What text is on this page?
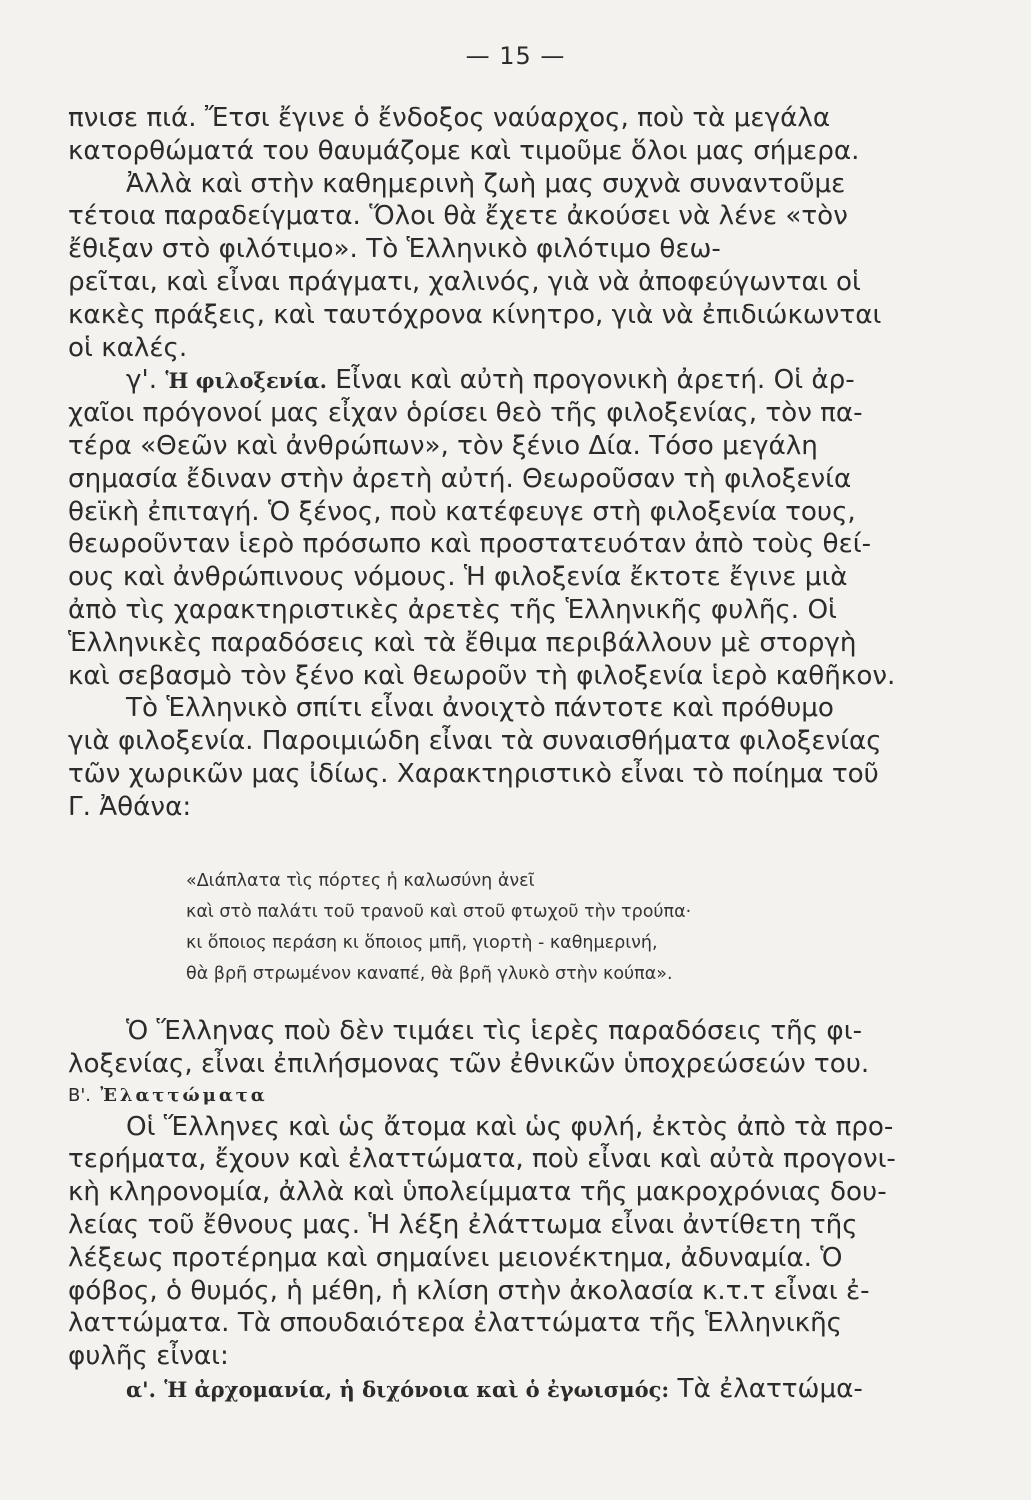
— 15 —
πνισε πιά. Ἔτσι ἔγινε ὁ ἔνδοξος ναύαρχος, ποὺ τὰ μεγάλα
κατορθώματά του θαυμάζομε καὶ τιμοῦμε ὅλοι μας σήμερα.
Ἀλλὰ καὶ στὴν καθημερινὴ ζωὴ μας συχνὰ συναντοῦμε
τέτοια παραδείγματα. Ὅλοι θὰ ἔχετε ἀκούσει νὰ λένε «τὸν
ἔθιξαν στὸ φιλότιμο». Τὸ Ἑλληνικὸ φιλότιμο θεω-
ρεῖται, καὶ εἶναι πράγματι, χαλινός, γιὰ νὰ ἀποφεύγωνται οἱ
κακὲς πράξεις, καὶ ταυτόχρονα κίνητρο, γιὰ νὰ ἐπιδιώκωνται
οἱ καλές.
γ'. Ἡ φιλοξενία. Εἶναι καὶ αὐτὴ προγονικὴ ἀρετή. Οἱ ἀρ-
χαῖοι πρόγονοί μας εἶχαν ὁρίσει θεὸ τῆς φιλοξενίας, τὸν πα-
τέρα «Θεῶν καὶ ἀνθρώπων», τὸν ξένιο Δία. Τόσο μεγάλη
σημασία ἔδιναν στὴν ἀρετὴ αὐτή. Θεωροῦσαν τὴ φιλοξενία
θεϊκὴ ἐπιταγή. Ὁ ξένος, ποὺ κατέφευγε στὴ φιλοξενία τους,
θεωροῦνταν ἱερὸ πρόσωπο καὶ προστατευόταν ἀπὸ τοὺς θεί-
ους καὶ ἀνθρώπινους νόμους. Ἡ φιλοξενία ἔκτοτε ἔγινε μιὰ
ἀπὸ τὶς χαρακτηριστικὲς ἀρετὲς τῆς Ἑλληνικῆς φυλῆς. Οἱ
Ἑλληνικὲς παραδόσεις καὶ τὰ ἔθιμα περιβάλλουν μὲ στοργὴ
καὶ σεβασμὸ τὸν ξένο καὶ θεωροῦν τὴ φιλοξενία ἱερὸ καθῆκον.
Τὸ Ἑλληνικὸ σπίτι εἶναι ἀνοιχτὸ πάντοτε καὶ πρόθυμο
γιὰ φιλοξενία. Παροιμιώδη εἶναι τὰ συναισθήματα φιλοξενίας
τῶν χωρικῶν μας ἰδίως. Χαρακτηριστικὸ εἶναι τὸ ποίημα τοῦ
Γ. Ἀθάνα:
«Διάπλατα τὶς πόρτες ἡ καλωσύνη ἀνεῖ
καὶ στὸ παλάτι τοῦ τρανοῦ καὶ στοῦ φτωχοῦ τὴν τρούπα·
κι ὅποιος περάση κι ὅποιος μπῆ, γιορτὴ - καθημερινή,
θὰ βρῆ στρωμένον καναπέ, θὰ βρῆ γλυκὸ στὴν κούπα».
Ὁ Ἕλληνας ποὺ δὲν τιμάει τὶς ἱερὲς παραδόσεις τῆς φι-
λοξενίας, εἶναι ἐπιλήσμονας τῶν ἐθνικῶν ὑποχρεώσεών του.
Β'. Ἐλαττώματα
Οἱ Ἕλληνες καὶ ὡς ἄτομα καὶ ὡς φυλή, ἐκτὸς ἀπὸ τὰ προ-
τερήματα, ἔχουν καὶ ἐλαττώματα, ποὺ εἶναι καὶ αὐτὰ προγονι-
κὴ κληρονομία, ἀλλὰ καὶ ὑπολείμματα τῆς μακροχρόνιας δου-
λείας τοῦ ἔθνους μας. Ἡ λέξη ἐλάττωμα εἶναι ἀντίθετη τῆς
λέξεως προτέρημα καὶ σημαίνει μειονέκτημα, ἀδυναμία. Ὁ
φόβος, ὁ θυμός, ἡ μέθη, ἡ κλίση στὴν ἀκολασία κ.τ.τ εἶναι ἐ-
λαττώματα. Τὰ σπουδαιότερα ἐλαττώματα τῆς Ἑλληνικῆς
φυλῆς εἶναι:
α'. Ἡ ἀρχομανία, ἡ διχόνοια καὶ ὁ ἐγωισμός: Τὰ ἐλαττώμα-
